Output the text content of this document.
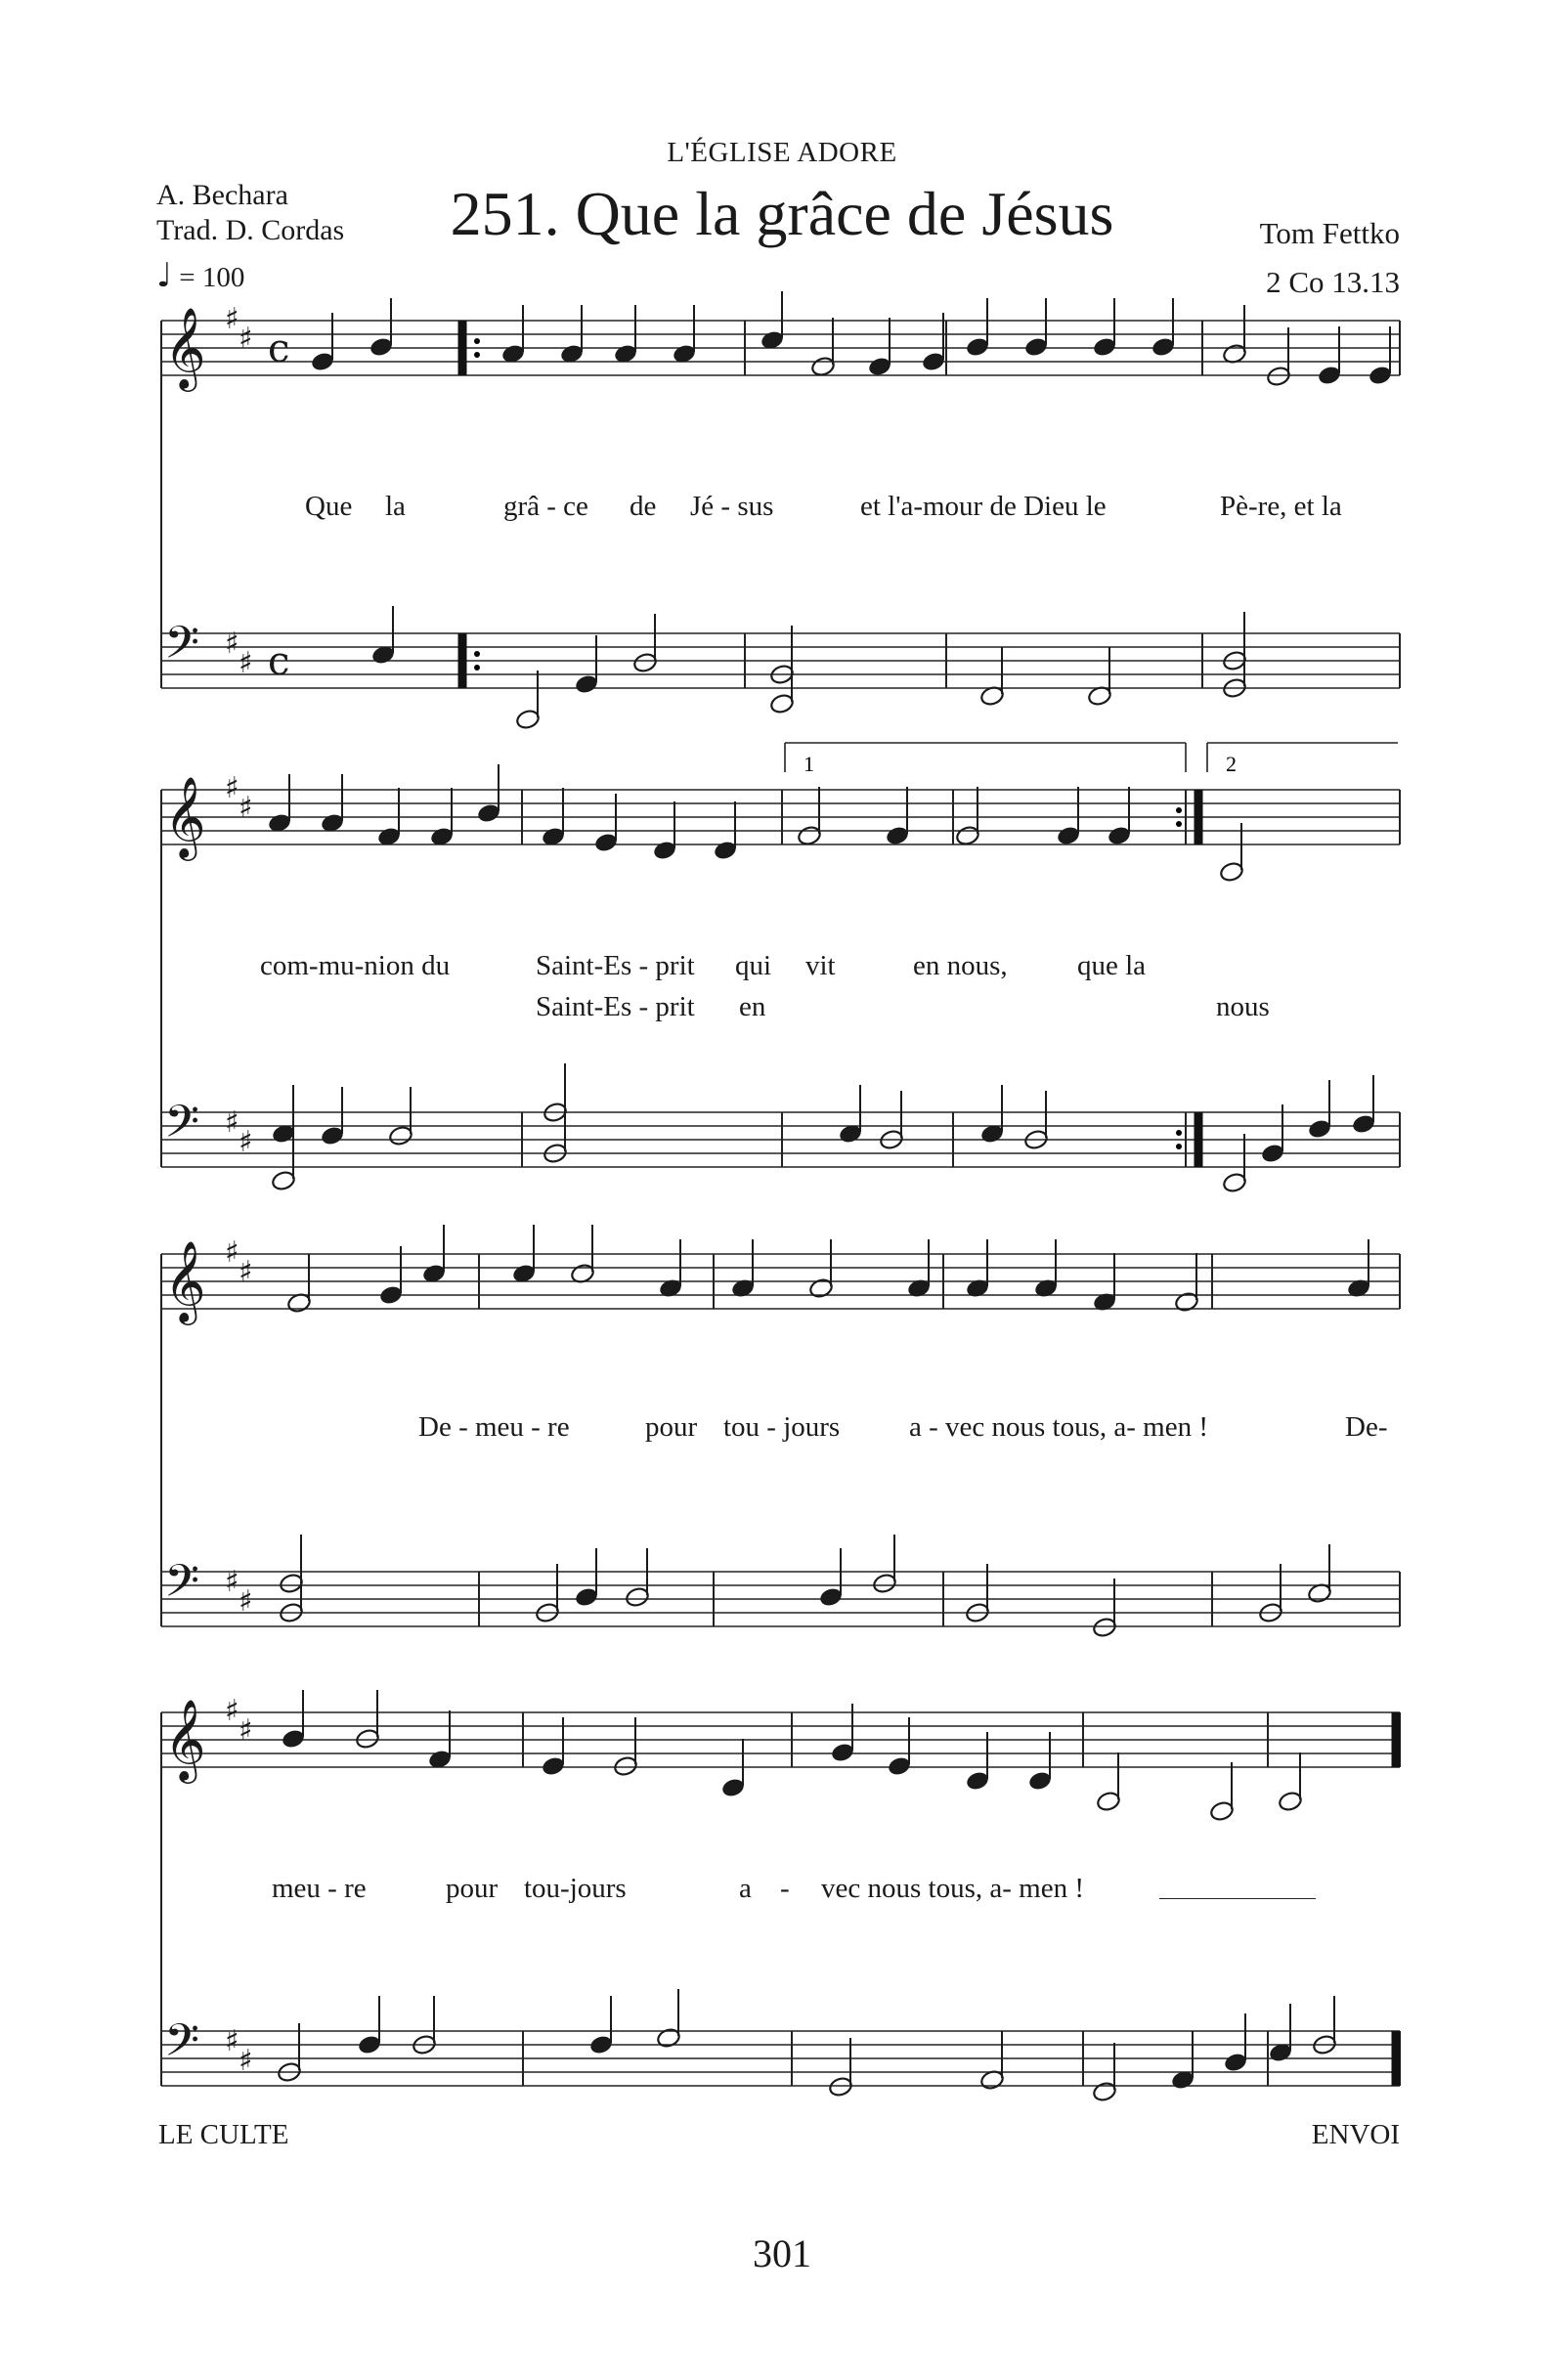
L'ÉGLISE ADORE
251. Que la grâce de Jésus
A. Bechara
Trad. D. Cordas	Tom Fettko
2 Co 13.13
♩ = 100
♯
♯
𝄞 c
♯
♯
𝄢 c
♯
♯
𝄞
♯
♯
𝄢
♯
♯
𝄞
♯
♯
𝄢
♯
♯
𝄞
♯
♯
𝄢
1	2
Que la	grâ - ce de Jé - sus	et l'a-mour de Dieu le	Pè-re, et la
com-mu-nion du	Saint-Es - prit qui vit	en nous, que la
Saint-Es - prit en	nous
De - meu - re	pour tou - jours a - vec nous tous, a- men !	De-
meu - re	pour tou-jours	a - vec nous tous, a- men !
LE CULTE	ENVOI
301
